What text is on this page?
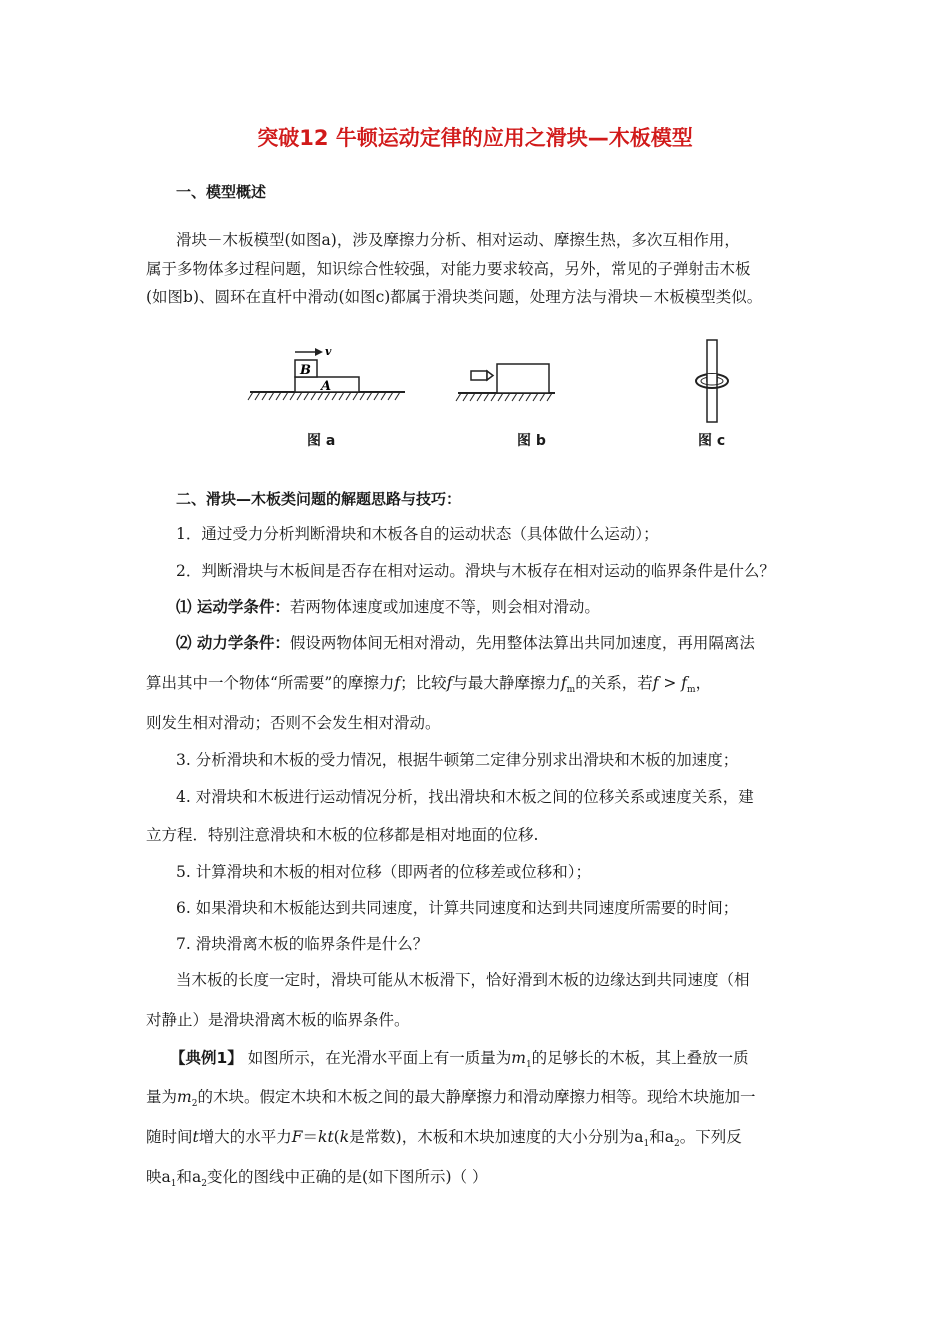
突破12 牛顿运动定律的应用之滑块—木板模型
一、模型概述
滑块－木板模型(如图a)，涉及摩擦力分析、相对运动、摩擦生热，多次互相作用，
属于多物体多过程问题，知识综合性较强，对能力要求较高，另外，常见的子弹射击木板
(如图b)、圆环在直杆中滑动(如图c)都属于滑块类问题，处理方法与滑块－木板模型类似。
v
B
A
图 a	图 b	图 c
二、滑块—木板类问题的解题思路与技巧：
1．通过受力分析判断滑块和木板各自的运动状态（具体做什么运动）；
2．判断滑块与木板间是否存在相对运动。滑块与木板存在相对运动的临界条件是什么？
⑴ 运动学条件：若两物体速度或加速度不等，则会相对滑动。
⑵ 动力学条件：假设两物体间无相对滑动，先用整体法算出共同加速度，再用隔离法
算出其中一个物体“所需要”的摩擦力f；比较f与最大静摩擦力$f_m$的关系，若$f > f_m$，
则发生相对滑动；否则不会发生相对滑动。
3. 分析滑块和木板的受力情况，根据牛顿第二定律分别求出滑块和木板的加速度；
4. 对滑块和木板进行运动情况分析，找出滑块和木板之间的位移关系或速度关系，建
立方程．特别注意滑块和木板的位移都是相对地面的位移.
5. 计算滑块和木板的相对位移（即两者的位移差或位移和）；
6. 如果滑块和木板能达到共同速度，计算共同速度和达到共同速度所需要的时间；
7. 滑块滑离木板的临界条件是什么？
当木板的长度一定时，滑块可能从木板滑下，恰好滑到木板的边缘达到共同速度（相
对静止）是滑块滑离木板的临界条件。
【典例1】 如图所示，在光滑水平面上有一质量为$m_1$的足够长的木板，其上叠放一质
量为$m_2$的木块。假定木块和木板之间的最大静摩擦力和滑动摩擦力相等。现给木块施加一
随时间t增大的水平力F＝kt(k是常数)，木板和木块加速度的大小分别为$a_1$和$a_2$。下列反
映$a_1$和$a_2$变化的图线中正确的是(如下图所示)（ ）
